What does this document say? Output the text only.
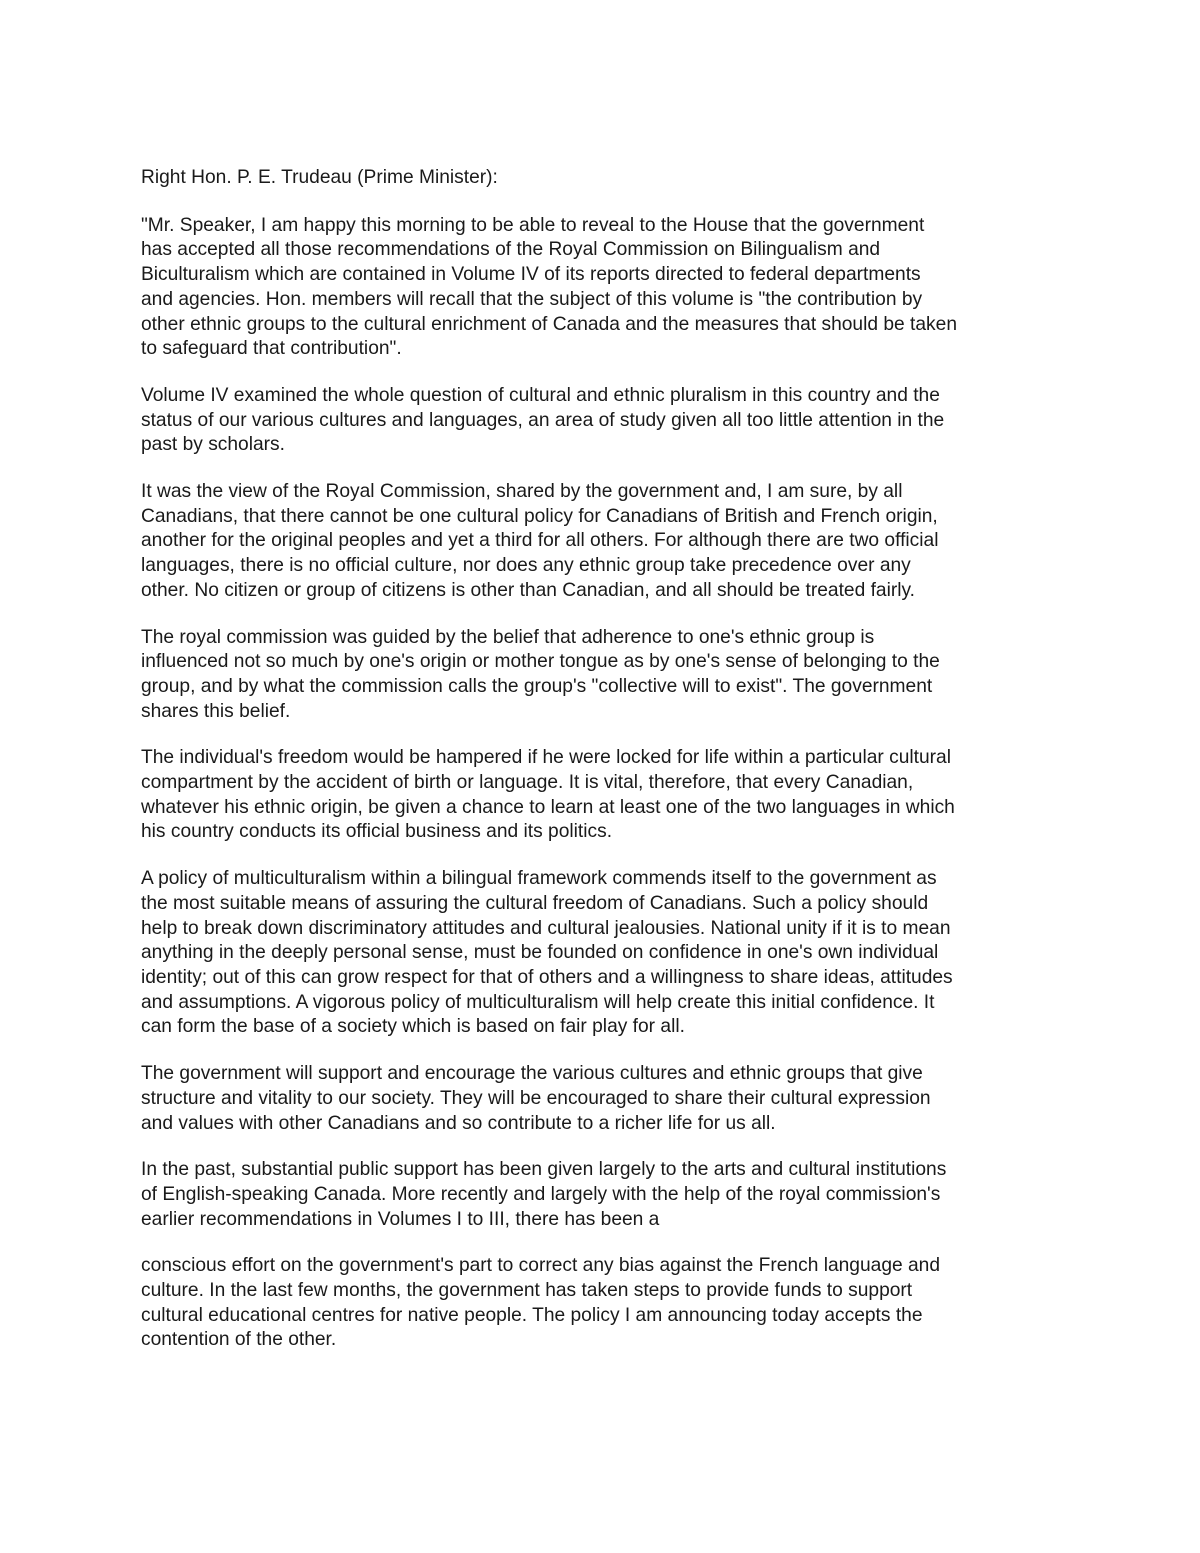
Right Hon. P. E. Trudeau (Prime Minister):
"Mr. Speaker, I am happy this morning to be able to reveal to the House that the government
has accepted all those recommendations of the Royal Commission on Bilingualism and
Biculturalism which are contained in Volume IV of its reports directed to federal departments
and agencies. Hon. members will recall that the subject of this volume is "the contribution by
other ethnic groups to the cultural enrichment of Canada and the measures that should be taken
to safeguard that contribution".
Volume IV examined the whole question of cultural and ethnic pluralism in this country and the
status of our various cultures and languages, an area of study given all too little attention in the
past by scholars.
It was the view of the Royal Commission, shared by the government and, I am sure, by all
Canadians, that there cannot be one cultural policy for Canadians of British and French origin,
another for the original peoples and yet a third for all others. For although there are two official
languages, there is no official culture, nor does any ethnic group take precedence over any
other. No citizen or group of citizens is other than Canadian, and all should be treated fairly.
The royal commission was guided by the belief that adherence to one's ethnic group is
influenced not so much by one's origin or mother tongue as by one's sense of belonging to the
group, and by what the commission calls the group's "collective will to exist". The government
shares this belief.
The individual's freedom would be hampered if he were locked for life within a particular cultural
compartment by the accident of birth or language. It is vital, therefore, that every Canadian,
whatever his ethnic origin, be given a chance to learn at least one of the two languages in which
his country conducts its official business and its politics.
A policy of multiculturalism within a bilingual framework commends itself to the government as
the most suitable means of assuring the cultural freedom of Canadians. Such a policy should
help to break down discriminatory attitudes and cultural jealousies. National unity if it is to mean
anything in the deeply personal sense, must be founded on confidence in one's own individual
identity; out of this can grow respect for that of others and a willingness to share ideas, attitudes
and assumptions. A vigorous policy of multiculturalism will help create this initial confidence. It
can form the base of a society which is based on fair play for all.
The government will support and encourage the various cultures and ethnic groups that give
structure and vitality to our society. They will be encouraged to share their cultural expression
and values with other Canadians and so contribute to a richer life for us all.
In the past, substantial public support has been given largely to the arts and cultural institutions
of English-speaking Canada. More recently and largely with the help of the royal commission's
earlier recommendations in Volumes I to III, there has been a
conscious effort on the government's part to correct any bias against the French language and
culture. In the last few months, the government has taken steps to provide funds to support
cultural educational centres for native people. The policy I am announcing today accepts the
contention of the other.
